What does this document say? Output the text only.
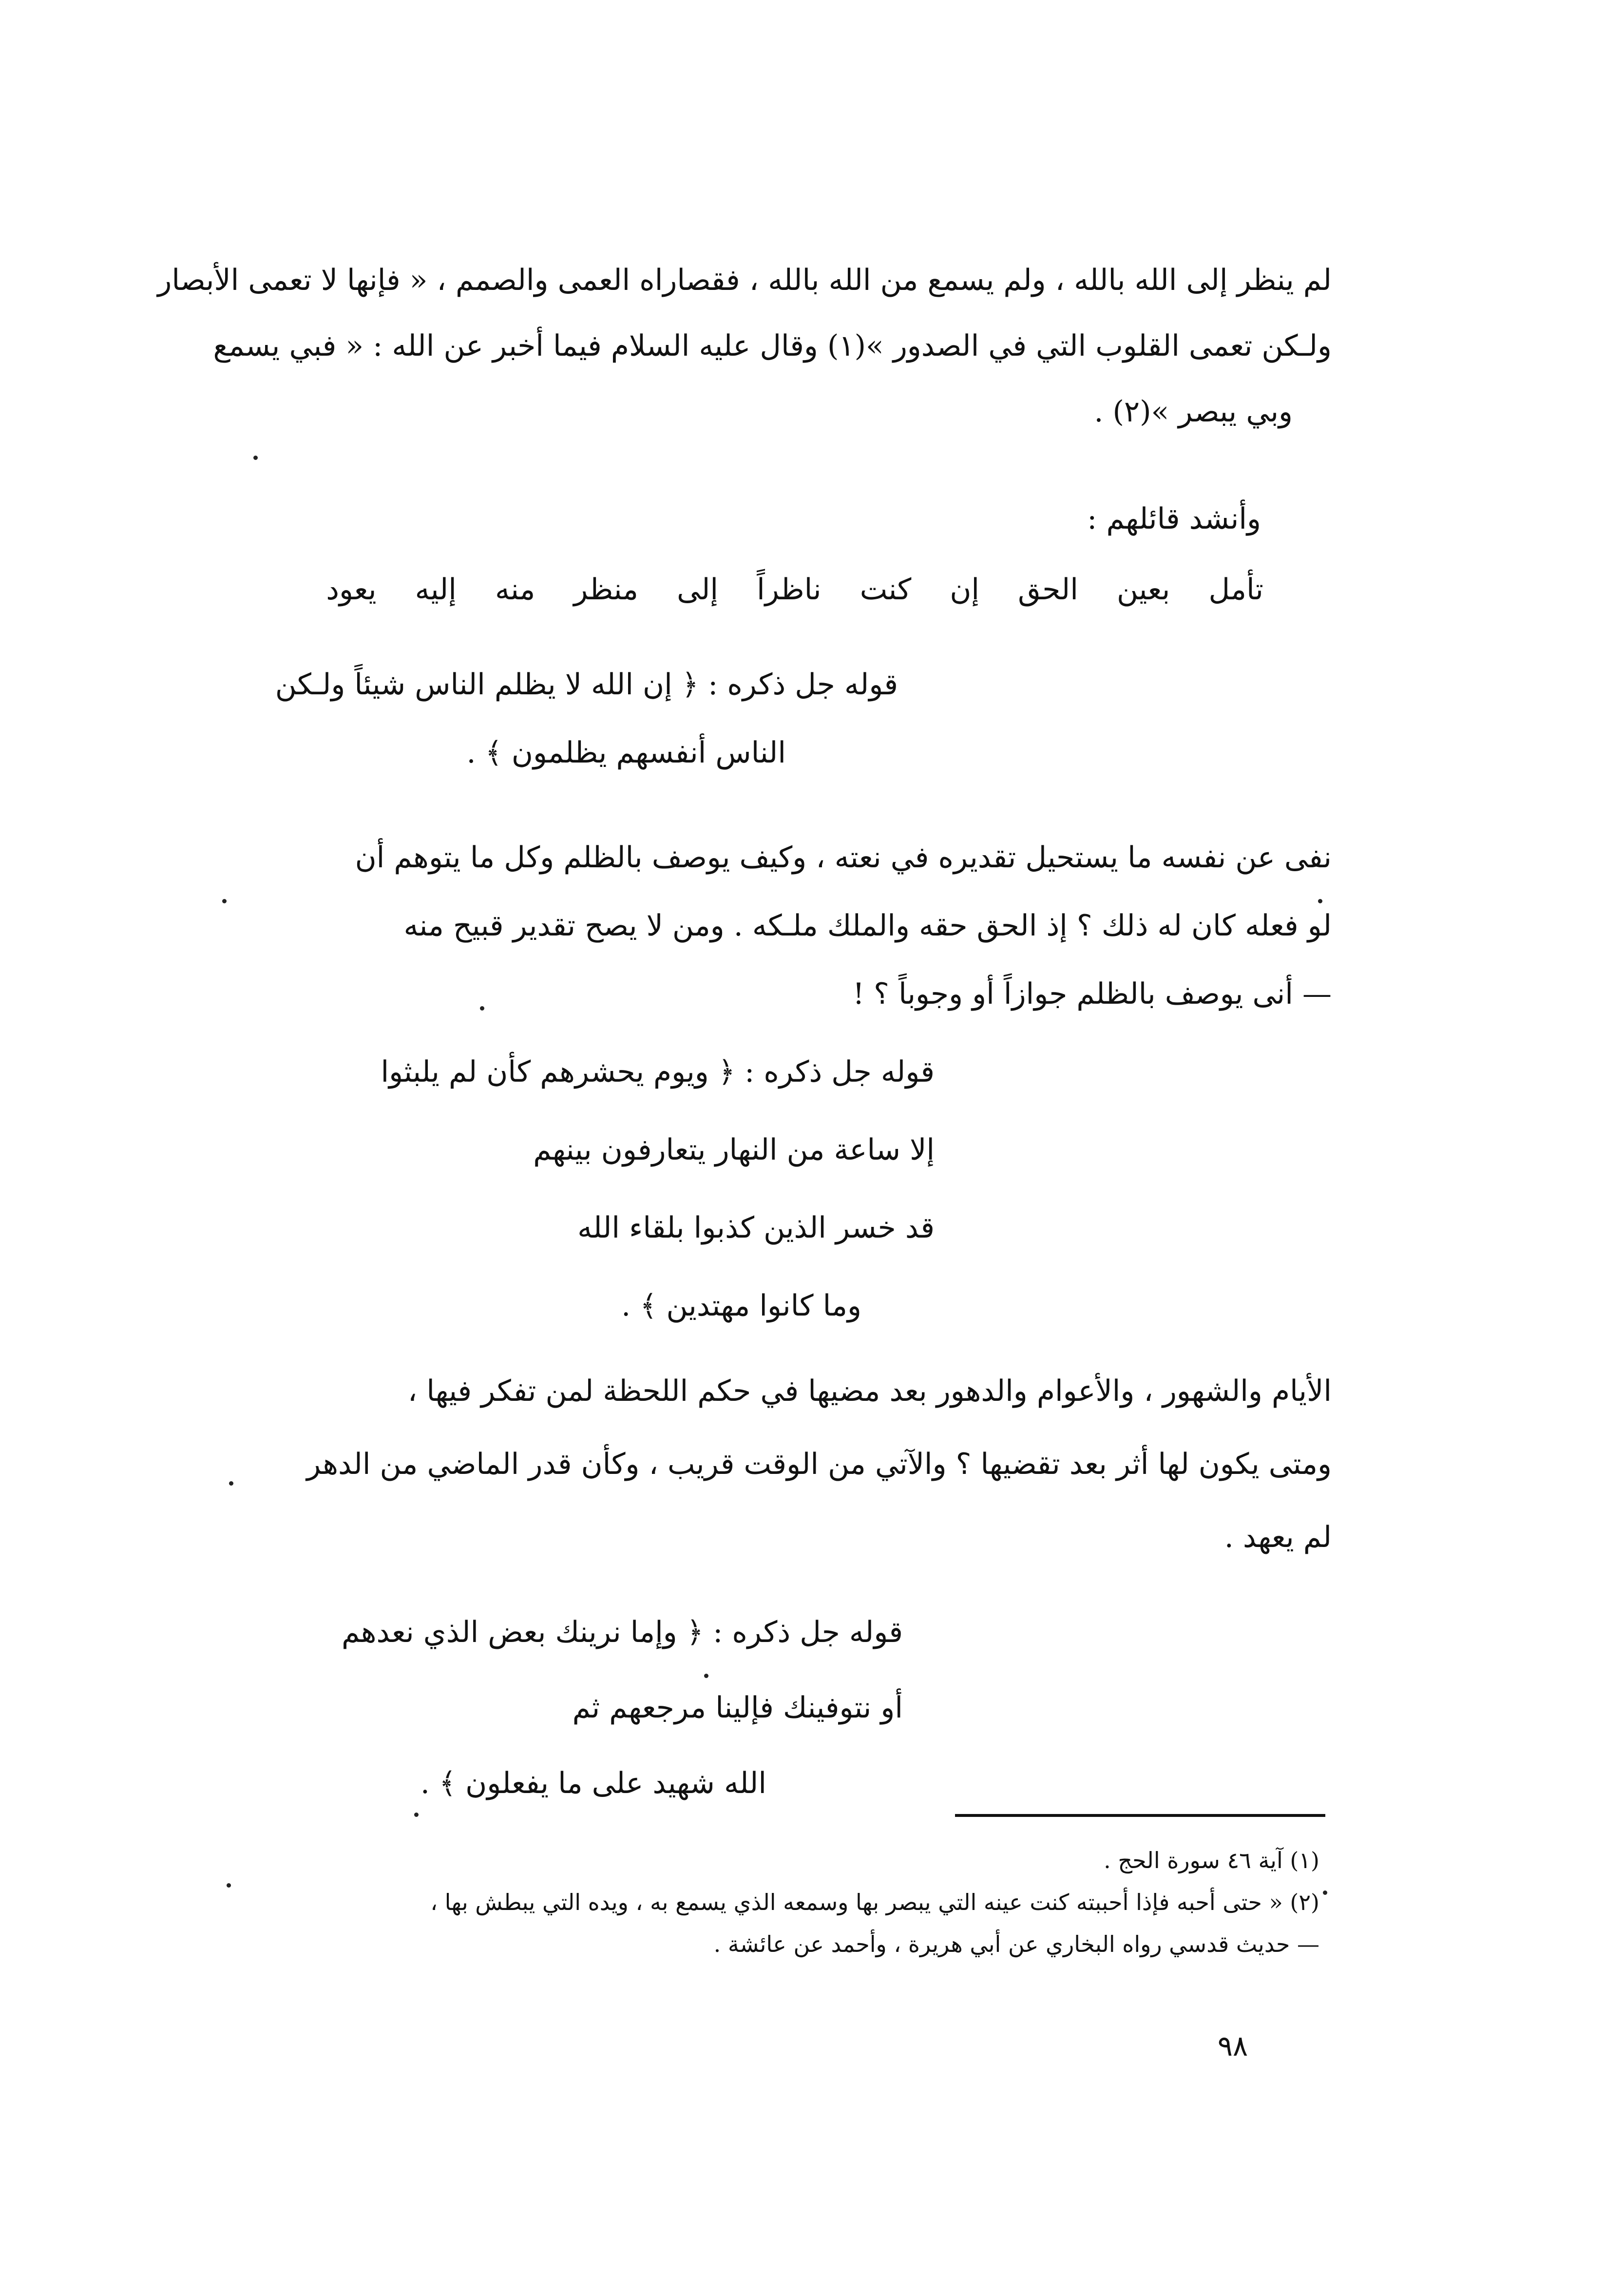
لم ينظر إلى الله بالله ، ولم يسمع من الله بالله ، فقصاراه العمى والصمم ، « فإنها لا تعمى الأبصار
ولـكن تعمى القلوب التي في الصدور »(١) وقال عليه السلام فيما أخبر عن الله : « فبي يسمع
وبي يبصر »(٢) .
وأنشد قائلهم :
تأمل بعين الحق إن كنت ناظراً إلى منظر منه إليه يعود
قوله جل ذكره : ﴿ إن الله لا يظلم الناس شيئاً ولـكن
الناس أنفسهم يظلمون ﴾ .
نفى عن نفسه ما يستحيل تقديره في نعته ، وكيف يوصف بالظلم وكل ما يتوهم أن
لو فعله كان له ذلك ؟ إذ الحق حقه والملك ملـكه . ومن لا يصح تقدير قبيح منه
— أنى يوصف بالظلم جوازاً أو وجوباً ؟ !
قوله جل ذكره : ﴿ ويوم يحشرهم كأن لم يلبثوا
إلا ساعة من النهار يتعارفون بينهم
قد خسر الذين كذبوا بلقاء الله
وما كانوا مهتدين ﴾ .
الأيام والشهور ، والأعوام والدهور بعد مضيها في حكم اللحظة لمن تفكر فيها ،
ومتى يكون لها أثر بعد تقضيها ؟ والآتي من الوقت قريب ، وكأن قدر الماضي من الدهر
لم يعهد .
قوله جل ذكره : ﴿ وإما نرينك بعض الذي نعدهم
أو نتوفينك فإلينا مرجعهم ثم
الله شهيد على ما يفعلون ﴾ .
(١) آية ٤٦ سورة الحج .
(٢) « حتى أحبه فإذا أحببته كنت عينه التي يبصر بها وسمعه الذي يسمع به ، ويده التي يبطش بها ،
— حديث قدسي رواه البخاري عن أبي هريرة ، وأحمد عن عائشة .
٩٨
